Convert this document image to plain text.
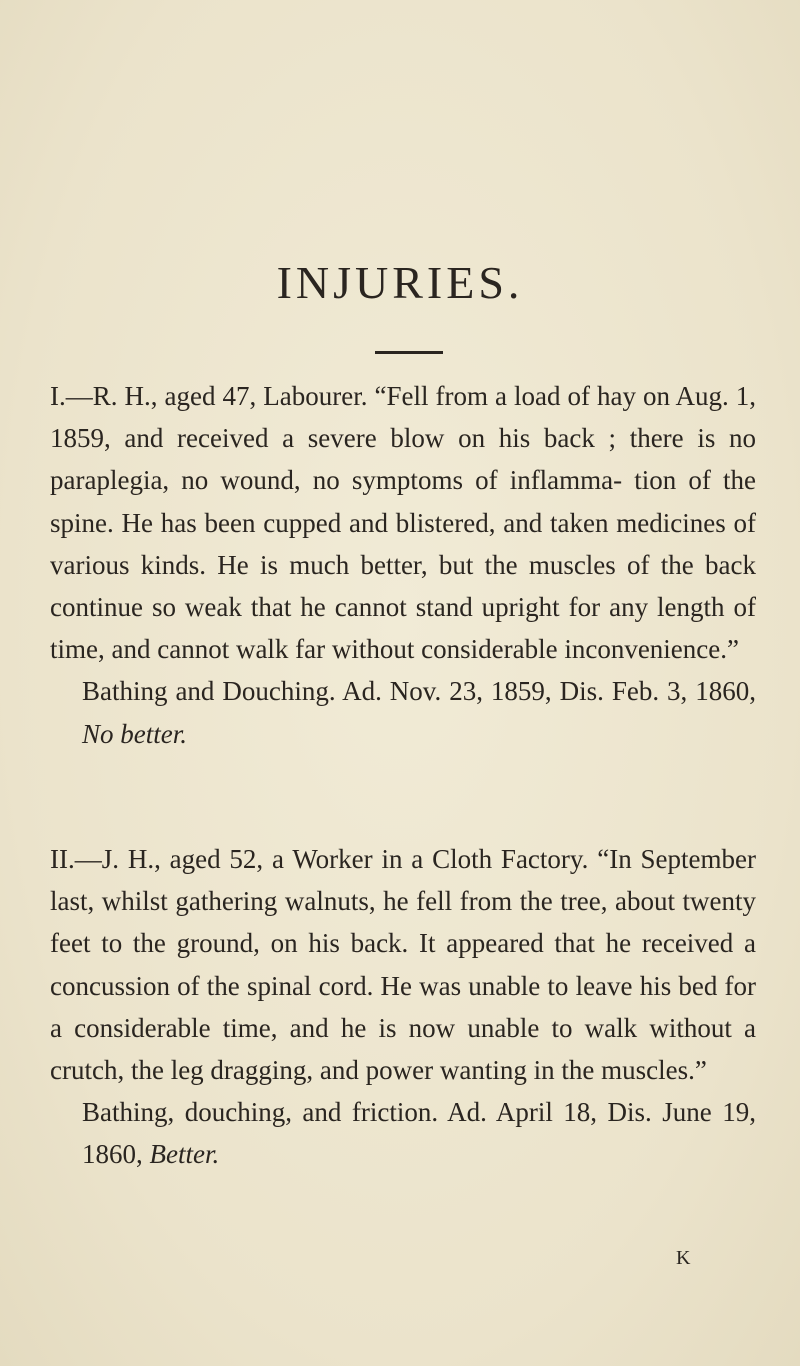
INJURIES.

I.—R. H., aged 47, Labourer. “Fell from a load of hay on Aug. 1, 1859, and received a severe blow on his back ; there is no paraplegia, no wound, no symptoms of inflamma- tion of the spine. He has been cupped and blistered, and taken medicines of various kinds. He is much better, but the muscles of the back continue so weak that he cannot stand upright for any length of time, and cannot walk far without considerable inconvenience.”

Bathing and Douching. Ad. Nov. 23, 1859, Dis. Feb. 3, 1860, No better.

II.—J. H., aged 52, a Worker in a Cloth Factory. “In September last, whilst gathering walnuts, he fell from the tree, about twenty feet to the ground, on his back. It appeared that he received a concussion of the spinal cord. He was unable to leave his bed for a considerable time, and he is now unable to walk without a crutch, the leg dragging, and power wanting in the muscles.”

Bathing, douching, and friction. Ad. April 18, Dis. June 19, 1860, Better.

K
